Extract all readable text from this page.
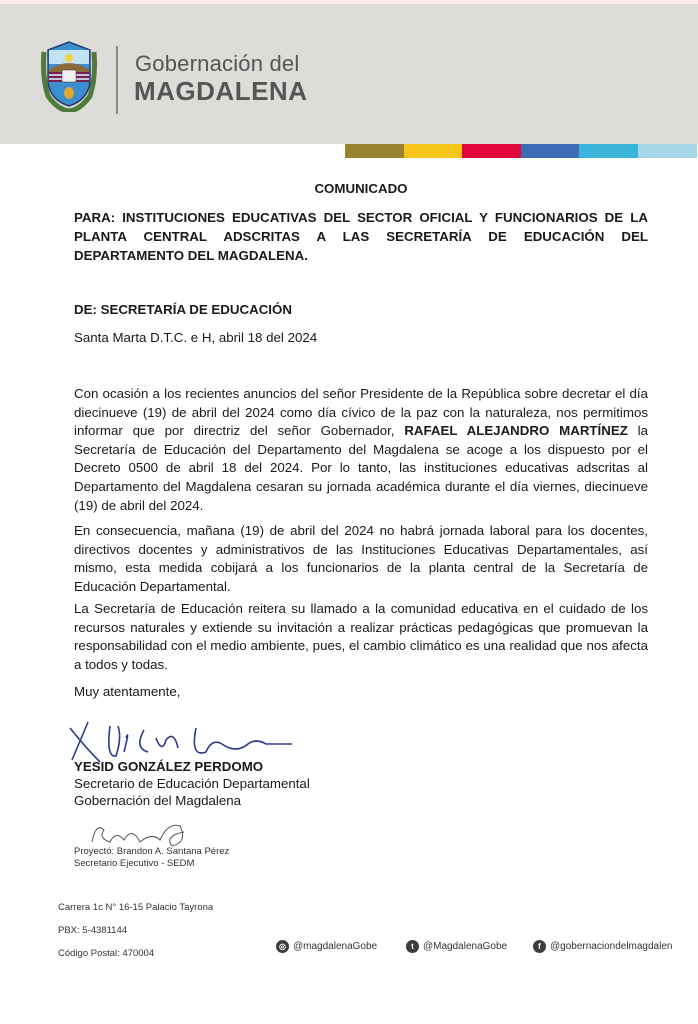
Gobernación del
MAGDALENA
COMUNICADO
PARA: INSTITUCIONES EDUCATIVAS DEL SECTOR OFICIAL Y FUNCIONARIOS DE LA PLANTA CENTRAL ADSCRITAS A LAS SECRETARÍA DE EDUCACIÓN DEL DEPARTAMENTO DEL MAGDALENA.
DE: SECRETARÍA DE EDUCACIÓN
Santa Marta D.T.C. e H, abril 18 del 2024
Con ocasión a los recientes anuncios del señor Presidente de la República sobre decretar el día diecinueve (19) de abril del 2024 como día cívico de la paz con la naturaleza, nos permitimos informar que por directriz del señor Gobernador, RAFAEL ALEJANDRO MARTÍNEZ la Secretaría de Educación del Departamento del Magdalena se acoge a los dispuesto por el Decreto 0500 de abril 18 del 2024. Por lo tanto, las instituciones educativas adscritas al Departamento del Magdalena cesaran su jornada académica durante el día viernes, diecinueve (19) de abril del 2024.
En consecuencia, mañana (19) de abril del 2024 no habrá jornada laboral para los docentes, directivos docentes y administrativos de las Instituciones Educativas Departamentales, así mismo, esta medida cobijará a los funcionarios de la planta central de la Secretaría de Educación Departamental.
La Secretaría de Educación reitera su llamado a la comunidad educativa en el cuidado de los recursos naturales y extiende su invitación a realizar prácticas pedagógicas que promuevan la responsabilidad con el medio ambiente, pues, el cambio climático es una realidad que nos afecta a todos y todas.
Muy atentamente,
YESID GONZÁLEZ PERDOMO
Secretario de Educación Departamental
Gobernación del Magdalena
Proyectó: Brandon A. Santana Pérez
Secretario Ejecutivo - SEDM
Carrera 1c N° 16-15 Palacio Tayrona
PBX: 5-4381144
Código Postal: 470004
◎ @magdalenaGobe	t @MagdalenaGobe	f @gobernaciondelmagdalen
